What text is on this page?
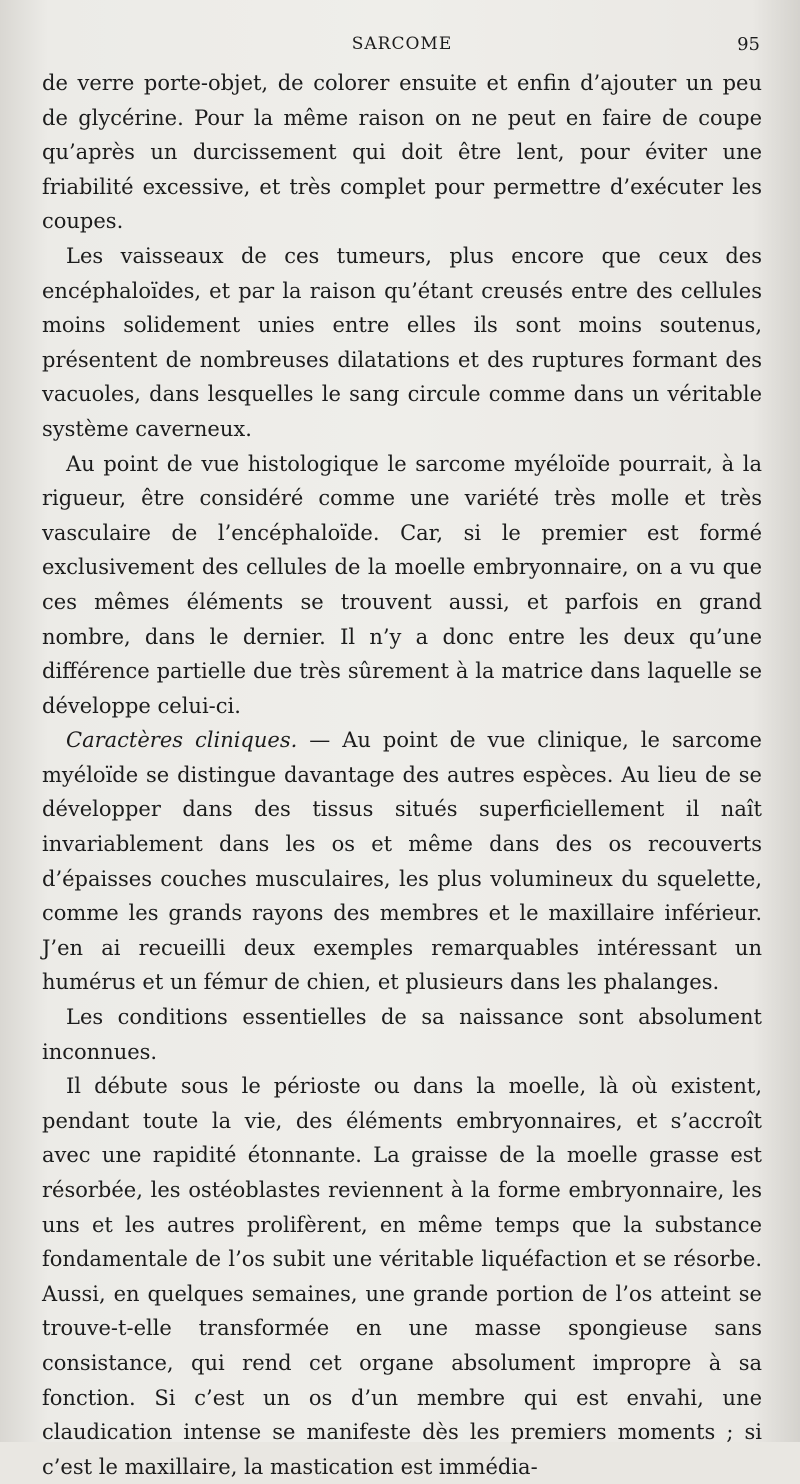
SARCOME	95

de verre porte-objet, de colorer ensuite et enfin d’ajouter un peu de glycérine. Pour la même raison on ne peut en faire de coupe qu’après un durcissement qui doit être lent, pour éviter une friabilité excessive, et très complet pour permettre d’exécuter les coupes.

Les vaisseaux de ces tumeurs, plus encore que ceux des encéphaloïdes, et par la raison qu’étant creusés entre des cellules moins solidement unies entre elles ils sont moins soutenus, présentent de nombreuses dilatations et des ruptures formant des vacuoles, dans lesquelles le sang circule comme dans un véritable système caverneux.

Au point de vue histologique le sarcome myéloïde pourrait, à la rigueur, être considéré comme une variété très molle et très vasculaire de l’encéphaloïde. Car, si le premier est formé exclusivement des cellules de la moelle embryonnaire, on a vu que ces mêmes éléments se trouvent aussi, et parfois en grand nombre, dans le dernier. Il n’y a donc entre les deux qu’une différence partielle due très sûrement à la matrice dans laquelle se développe celui-ci.

Caractères cliniques. — Au point de vue clinique, le sarcome myéloïde se distingue davantage des autres espèces. Au lieu de se développer dans des tissus situés superficiellement il naît invariablement dans les os et même dans des os recouverts d’épaisses couches musculaires, les plus volumineux du squelette, comme les grands rayons des membres et le maxillaire inférieur. J’en ai recueilli deux exemples remarquables intéressant un humérus et un fémur de chien, et plusieurs dans les phalanges.

Les conditions essentielles de sa naissance sont absolument inconnues.

Il débute sous le périoste ou dans la moelle, là où existent, pendant toute la vie, des éléments embryonnaires, et s’accroît avec une rapidité étonnante. La graisse de la moelle grasse est résorbée, les ostéoblastes reviennent à la forme embryonnaire, les uns et les autres prolifèrent, en même temps que la substance fondamentale de l’os subit une véritable liquéfaction et se résorbe. Aussi, en quelques semaines, une grande portion de l’os atteint se trouve-t-elle transformée en une masse spongieuse sans consistance, qui rend cet organe absolument impropre à sa fonction. Si c’est un os d’un membre qui est envahi, une claudication intense se manifeste dès les premiers moments ; si c’est le maxillaire, la mastication est immédia-
